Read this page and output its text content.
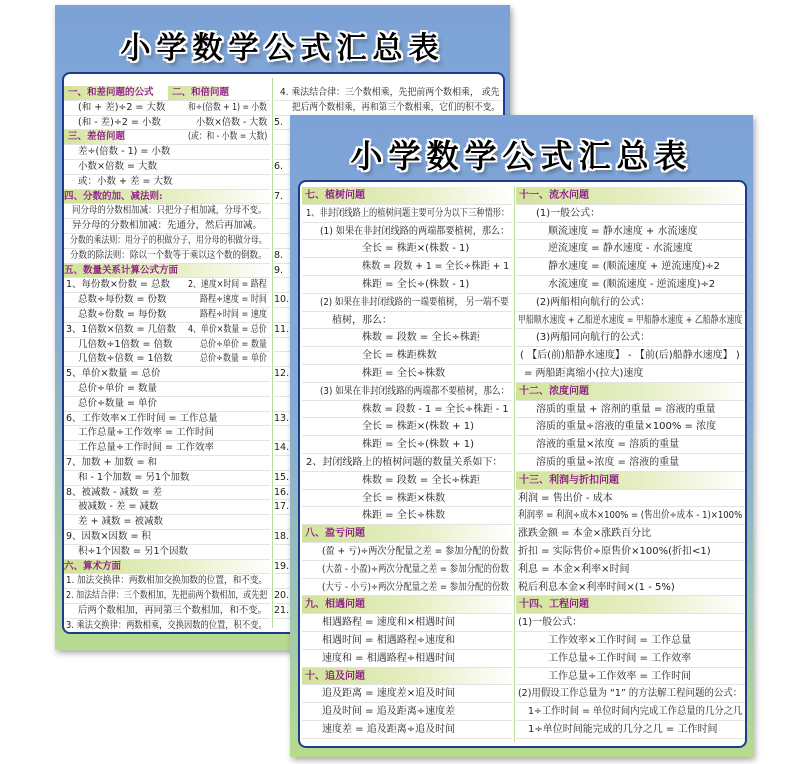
小学数学公式汇总表
一、和差问题的公式	二、和倍问题
(和 + 差)÷2 = 大数 和÷(倍数 + 1) = 小数
(和 - 差)÷2 = 小数	小数×倍数 - 大数
三、差倍问题	(或：和 - 小数 = 大数)
差÷(倍数 - 1) = 小数
小数×倍数 = 大数
或：小数 + 差 = 大数
四、分数的加、减法则:
同分母的分数相加减：只把分子相加减，分母不变。
异分母的分数相加减：先通分，然后再加减。
分数的乘法则：用分子的积做分子，用分母的积做分母。
分数的除法则：除以一个数等于乘以这个数的倒数。
五、数量关系计算公式方面
1、每份数×份数 = 总数 2、速度×时间 = 路程
总数÷每份数 = 份数	路程÷速度 = 时间
总数÷份数 = 每份数	路程÷时间 = 速度
3、1倍数×倍数 = 几倍数 4、单价×数量 = 总价
几倍数÷1倍数 = 倍数	总价÷单价 = 数量
几倍数÷倍数 = 1倍数	总价÷数量 = 单价
5、单价×数量 = 总价
总价÷单价 = 数量
总价÷数量 = 单价
6、工作效率×工作时间 = 工作总量
工作总量÷工作效率 = 工作时间
工作总量÷工作时间 = 工作效率
7、加数 + 加数 = 和
和 - 1个加数 = 另1个加数
8、被减数 - 减数 = 差
被减数 - 差 = 减数
差 + 减数 = 被减数
9、因数×因数 = 积
积÷1个因数 = 另1个因数
六、算术方面
1. 加法交换律：两数相加交换加数的位置，和不变。
2. 加法结合律：三个数相加，先把前两个数相加，或先把
后两个数相加，再同第三个数相加，和不变。
3. 乘法交换律：两数相乘，交换因数的位置，积不变。
4. 乘法结合律：三个数相乘，先把前两个数相乘， 或先
把后两个数相乘，再和第三个数相乘，它们的积不变。
5.
6.
7.
8.
9.
10.
11.
12.
13.
14.
15.
16.
17.
18.
19.
20.
21.
小学数学公式汇总表
七、植树问题
1、非封闭线路上的植树问题主要可分为以下三种情形：
(1) 如果在非封闭线路的两端都要植树，那么：
全长 = 株距×(株数 - 1)
株数 = 段数 + 1 = 全长÷株距 + 1
株距 = 全长÷(株数 - 1)
(2) 如果在非封闭线路的一端要植树， 另一端不要
植树，那么：
株数 = 段数 = 全长÷株距
全长 = 株距株数
株距 = 全长÷株数
(3) 如果在非封闭线路的两端都不要植树，那么：
株数 = 段数 - 1 = 全长÷株距 - 1
全长 = 株距×(株数 + 1)
株距 = 全长÷(株数 + 1)
2、封闭线路上的植树问题的数量关系如下：
株数 = 段数 = 全长÷株距
全长 = 株距×株数
株距 = 全长÷株数
八、盈亏问题
(盈 + 亏)÷两次分配量之差 = 参加分配的份数
(大盈 - 小盈)÷两次分配量之差 = 参加分配的份数
(大亏 - 小亏)÷两次分配量之差 = 参加分配的份数
九、相遇问题
相遇路程 = 速度和×相遇时间
相遇时间 = 相遇路程÷速度和
速度和 = 相遇路程÷相遇时间
十、追及问题
追及距离 = 速度差×追及时间
追及时间 = 追及距离÷速度差
速度差 = 追及距离÷追及时间
十一、流水问题
(1)一般公式：
顺流速度 = 静水速度 + 水流速度
逆流速度 = 静水速度 - 水流速度
静水速度 = (顺流速度 + 逆流速度)÷2
水流速度 = (顺流速度 - 逆流速度)÷2
(2)两船相向航行的公式：
甲船顺水速度 + 乙船逆水速度 = 甲船静水速度 + 乙船静水速度
(3)两船同向航行的公式：
( 【后(前)船静水速度】 - 【前(后)船静水速度】 )
= 两船距离缩小(拉大)速度
十二、浓度问题
溶质的重量 + 溶剂的重量 = 溶液的重量
溶质的重量÷溶液的重量×100% = 浓度
溶液的重量×浓度 = 溶质的重量
溶质的重量÷浓度 = 溶液的重量
十三、利润与折扣问题
利润 = 售出价 - 成本
利润率 = 利润÷成本×100% = (售出价÷成本 - 1)×100%
涨跌金额 = 本金×涨跌百分比
折扣 = 实际售价÷原售价×100%(折扣<1)
利息 = 本金×利率×时间
税后利息本金×利率时间×(1 - 5%)
十四、工程问题
(1)一般公式：
工作效率×工作时间 = 工作总量
工作总量÷工作时间 = 工作效率
工作总量÷工作效率 = 工作时间
(2)用假设工作总量为 “1” 的方法解工程问题的公式：
1÷工作时间 = 单位时间内完成工作总量的几分之几
1÷单位时间能完成的几分之几 = 工作时间
